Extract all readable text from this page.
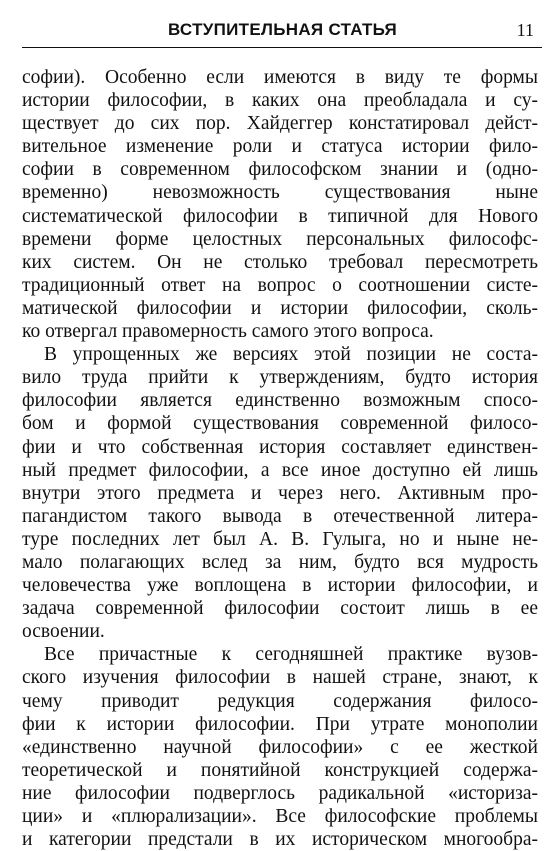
ВСТУПИТЕЛЬНАЯ СТАТЬЯ	11
софии). Особенно если имеются в виду те формы
истории философии, в каких она преобладала и су-
ществует до сих пор. Хайдеггер констатировал дейст-
вительное изменение роли и статуса истории фило-
софии в современном философском знании и (одно-
временно) невозможность существования ныне
систематической философии в типичной для Нового
времени форме целостных персональных философс-
ких систем. Он не столько требовал пересмотреть
традиционный ответ на вопрос о соотношении систе-
матической философии и истории философии, сколь-
ко отвергал правомерность самого этого вопроса.
В упрощенных же версиях этой позиции не соста-
вило труда прийти к утверждениям, будто история
философии является единственно возможным спосо-
бом и формой существования современной филосо-
фии и что собственная история составляет единствен-
ный предмет философии, а все иное доступно ей лишь
внутри этого предмета и через него. Активным про-
пагандистом такого вывода в отечественной литера-
туре последних лет был А. В. Гулыга, но и ныне не-
мало полагающих вслед за ним, будто вся мудрость
человечества уже воплощена в истории философии, и
задача современной философии состоит лишь в ее
освоении.
Все причастные к сегодняшней практике вузов-
ского изучения философии в нашей стране, знают, к
чему приводит редукция содержания филосо-
фии к истории философии. При утрате монополии
«единственно научной философии» с ее жесткой
теоретической и понятийной конструкцией содержа-
ние философии подверглось радикальной «историза-
ции» и «плюрализации». Все философские проблемы
и категории предстали в их историческом многообра-
